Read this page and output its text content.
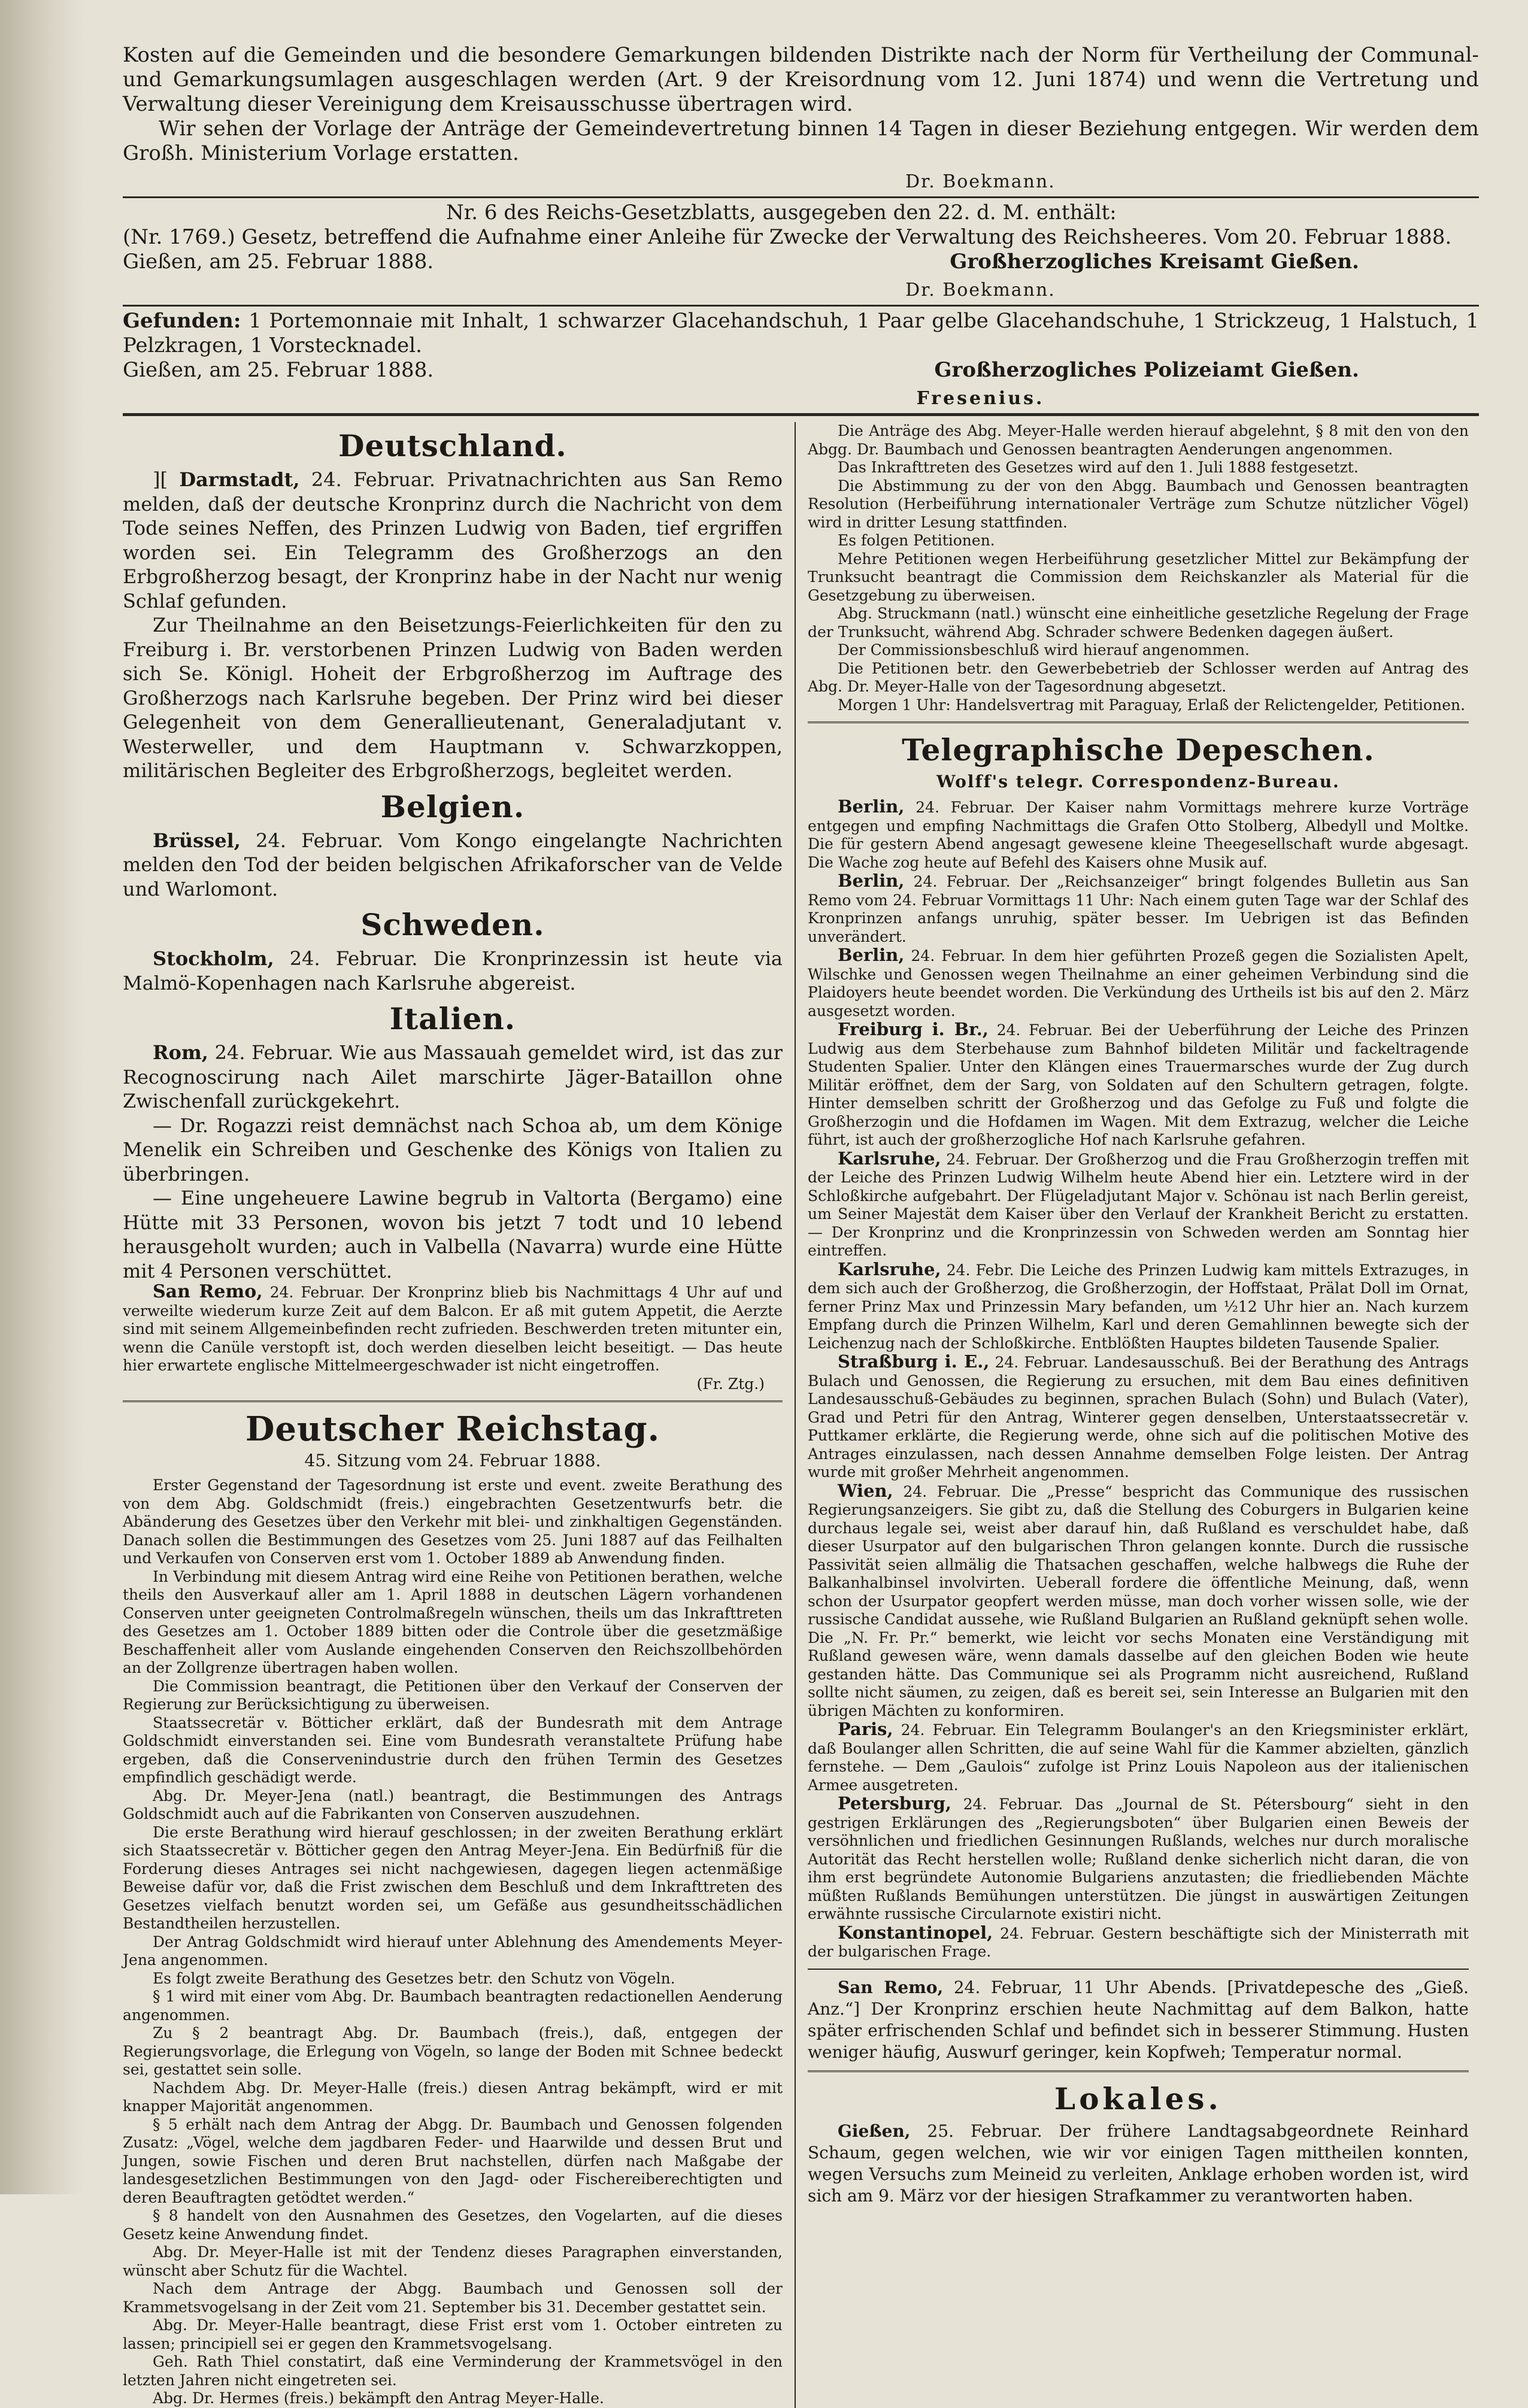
Kosten auf die Gemeinden und die besondere Gemarkungen bildenden Distrikte nach der Norm für Vertheilung der Communal- und Gemarkungsumlagen ausgeschlagen werden (Art. 9 der Kreisordnung vom 12. Juni 1874) und wenn die Vertretung und Verwaltung dieser Vereinigung dem Kreisausschusse übertragen wird.

Wir sehen der Vorlage der Anträge der Gemeindevertretung binnen 14 Tagen in dieser Beziehung entgegen. Wir werden dem Großh. Ministerium Vorlage erstatten.

Dr. Boekmann.

Nr. 6 des Reichs-Gesetzblatts, ausgegeben den 22. d. M. enthält:

(Nr. 1769.) Gesetz, betreffend die Aufnahme einer Anleihe für Zwecke der Verwaltung des Reichsheeres. Vom 20. Februar 1888.

Gießen, am 25. Februar 1888.	Großherzogliches Kreisamt Gießen.
Dr. Boekmann.

Gefunden: 1 Portemonnaie mit Inhalt, 1 schwarzer Glacehandschuh, 1 Paar gelbe Glacehandschuhe, 1 Strickzeug, 1 Halstuch, 1 Pelzkragen, 1 Vorstecknadel.

Gießen, am 25. Februar 1888.	Großherzogliches Polizeiamt Gießen.
Fresenius.
Deutschland.

][ Darmstadt, 24. Februar. Privatnachrichten aus San Remo melden, daß der deutsche Kronprinz durch die Nachricht von dem Tode seines Neffen, des Prinzen Ludwig von Baden, tief ergriffen worden sei. Ein Telegramm des Großherzogs an den Erbgroßherzog besagt, der Kronprinz habe in der Nacht nur wenig Schlaf gefunden.

Zur Theilnahme an den Beisetzungs-Feierlichkeiten für den zu Freiburg i. Br. verstorbenen Prinzen Ludwig von Baden werden sich Se. Königl. Hoheit der Erbgroßherzog im Auftrage des Großherzogs nach Karlsruhe begeben. Der Prinz wird bei dieser Gelegenheit von dem Generallieutenant, Generaladjutant v. Westerweller, und dem Hauptmann v. Schwarzkoppen, militärischen Begleiter des Erbgroßherzogs, begleitet werden.

Belgien.

Brüssel, 24. Februar. Vom Kongo eingelangte Nachrichten melden den Tod der beiden belgischen Afrikaforscher van de Velde und Warlomont.

Schweden.

Stockholm, 24. Februar. Die Kronprinzessin ist heute via Malmö-Kopenhagen nach Karlsruhe abgereist.

Italien.

Rom, 24. Februar. Wie aus Massauah gemeldet wird, ist das zur Recognoscirung nach Ailet marschirte Jäger-Bataillon ohne Zwischenfall zurückgekehrt.

— Dr. Rogazzi reist demnächst nach Schoa ab, um dem Könige Menelik ein Schreiben und Geschenke des Königs von Italien zu überbringen.

— Eine ungeheuere Lawine begrub in Valtorta (Bergamo) eine Hütte mit 33 Personen, wovon bis jetzt 7 todt und 10 lebend herausgeholt wurden; auch in Valbella (Navarra) wurde eine Hütte mit 4 Personen verschüttet.

San Remo, 24. Februar. Der Kronprinz blieb bis Nachmittags 4 Uhr auf und verweilte wiederum kurze Zeit auf dem Balcon. Er aß mit gutem Appetit, die Aerzte sind mit seinem Allgemeinbefinden recht zufrieden. Beschwerden treten mitunter ein, wenn die Canüle verstopft ist, doch werden dieselben leicht beseitigt. — Das heute hier erwartete englische Mittelmeergeschwader ist nicht eingetroffen.

(Fr. Ztg.)

Deutscher Reichstag.
45. Sitzung vom 24. Februar 1888.

Erster Gegenstand der Tagesordnung ist erste und event. zweite Berathung des von dem Abg. Goldschmidt (freis.) eingebrachten Gesetzentwurfs betr. die Abänderung des Gesetzes über den Verkehr mit blei- und zinkhaltigen Gegenständen. Danach sollen die Bestimmungen des Gesetzes vom 25. Juni 1887 auf das Feilhalten und Verkaufen von Conserven erst vom 1. October 1889 ab Anwendung finden.

In Verbindung mit diesem Antrag wird eine Reihe von Petitionen berathen, welche theils den Ausverkauf aller am 1. April 1888 in deutschen Lägern vorhandenen Conserven unter geeigneten Controlmaßregeln wünschen, theils um das Inkrafttreten des Gesetzes am 1. October 1889 bitten oder die Controle über die gesetzmäßige Beschaffenheit aller vom Auslande eingehenden Conserven den Reichszollbehörden an der Zollgrenze übertragen haben wollen.

Die Commission beantragt, die Petitionen über den Verkauf der Conserven der Regierung zur Berücksichtigung zu überweisen.

Staatssecretär v. Bötticher erklärt, daß der Bundesrath mit dem Antrage Goldschmidt einverstanden sei. Eine vom Bundesrath veranstaltete Prüfung habe ergeben, daß die Conservenindustrie durch den frühen Termin des Gesetzes empfindlich geschädigt werde.

Abg. Dr. Meyer-Jena (natl.) beantragt, die Bestimmungen des Antrags Goldschmidt auch auf die Fabrikanten von Conserven auszudehnen.

Die erste Berathung wird hierauf geschlossen; in der zweiten Berathung erklärt sich Staatssecretär v. Bötticher gegen den Antrag Meyer-Jena. Ein Bedürfniß für die Forderung dieses Antrages sei nicht nachgewiesen, dagegen liegen actenmäßige Beweise dafür vor, daß die Frist zwischen dem Beschluß und dem Inkrafttreten des Gesetzes vielfach benutzt worden sei, um Gefäße aus gesundheitsschädlichen Bestandtheilen herzustellen.

Der Antrag Goldschmidt wird hierauf unter Ablehnung des Amendements Meyer-Jena angenommen.

Es folgt zweite Berathung des Gesetzes betr. den Schutz von Vögeln.

§ 1 wird mit einer vom Abg. Dr. Baumbach beantragten redactionellen Aenderung angenommen.

Zu § 2 beantragt Abg. Dr. Baumbach (freis.), daß, entgegen der Regierungsvorlage, die Erlegung von Vögeln, so lange der Boden mit Schnee bedeckt sei, gestattet sein solle.

Nachdem Abg. Dr. Meyer-Halle (freis.) diesen Antrag bekämpft, wird er mit knapper Majorität angenommen.

§ 5 erhält nach dem Antrag der Abgg. Dr. Baumbach und Genossen folgenden Zusatz: „Vögel, welche dem jagdbaren Feder- und Haarwilde und dessen Brut und Jungen, sowie Fischen und deren Brut nachstellen, dürfen nach Maßgabe der landesgesetzlichen Bestimmungen von den Jagd- oder Fischereiberechtigten und deren Beauftragten getödtet werden.“

§ 8 handelt von den Ausnahmen des Gesetzes, den Vogelarten, auf die dieses Gesetz keine Anwendung findet.

Abg. Dr. Meyer-Halle ist mit der Tendenz dieses Paragraphen einverstanden, wünscht aber Schutz für die Wachtel.

Nach dem Antrage der Abgg. Baumbach und Genossen soll der Krammetsvogelsang in der Zeit vom 21. September bis 31. December gestattet sein.

Abg. Dr. Meyer-Halle beantragt, diese Frist erst vom 1. October eintreten zu lassen; principiell sei er gegen den Krammetsvogelsang.

Geh. Rath Thiel constatirt, daß eine Verminderung der Krammetsvögel in den letzten Jahren nicht eingetreten sei.

Abg. Dr. Hermes (freis.) bekämpft den Antrag Meyer-Halle.

Die Anträge des Abg. Meyer-Halle werden hierauf abgelehnt, § 8 mit den von den Abgg. Dr. Baumbach und Genossen beantragten Aenderungen angenommen.

Das Inkrafttreten des Gesetzes wird auf den 1. Juli 1888 festgesetzt.

Die Abstimmung zu der von den Abgg. Baumbach und Genossen beantragten Resolution (Herbeiführung internationaler Verträge zum Schutze nützlicher Vögel) wird in dritter Lesung stattfinden.

Es folgen Petitionen.

Mehre Petitionen wegen Herbeiführung gesetzlicher Mittel zur Bekämpfung der Trunksucht beantragt die Commission dem Reichskanzler als Material für die Gesetzgebung zu überweisen.

Abg. Struckmann (natl.) wünscht eine einheitliche gesetzliche Regelung der Frage der Trunksucht, während Abg. Schrader schwere Bedenken dagegen äußert.

Der Commissionsbeschluß wird hierauf angenommen.

Die Petitionen betr. den Gewerbebetrieb der Schlosser werden auf Antrag des Abg. Dr. Meyer-Halle von der Tagesordnung abgesetzt.

Morgen 1 Uhr: Handelsvertrag mit Paraguay, Erlaß der Relictengelder, Petitionen.

Telegraphische Depeschen.
Wolff's telegr. Correspondenz-Bureau.

Berlin, 24. Februar. Der Kaiser nahm Vormittags mehrere kurze Vorträge entgegen und empfing Nachmittags die Grafen Otto Stolberg, Albedyll und Moltke. Die für gestern Abend angesagt gewesene kleine Theegesellschaft wurde abgesagt. Die Wache zog heute auf Befehl des Kaisers ohne Musik auf.

Berlin, 24. Februar. Der „Reichsanzeiger“ bringt folgendes Bulletin aus San Remo vom 24. Februar Vormittags 11 Uhr: Nach einem guten Tage war der Schlaf des Kronprinzen anfangs unruhig, später besser. Im Uebrigen ist das Befinden unverändert.

Berlin, 24. Februar. In dem hier geführten Prozeß gegen die Sozialisten Apelt, Wilschke und Genossen wegen Theilnahme an einer geheimen Verbindung sind die Plaidoyers heute beendet worden. Die Verkündung des Urtheils ist bis auf den 2. März ausgesetzt worden.

Freiburg i. Br., 24. Februar. Bei der Ueberführung der Leiche des Prinzen Ludwig aus dem Sterbehause zum Bahnhof bildeten Militär und fackeltragende Studenten Spalier. Unter den Klängen eines Trauermarsches wurde der Zug durch Militär eröffnet, dem der Sarg, von Soldaten auf den Schultern getragen, folgte. Hinter demselben schritt der Großherzog und das Gefolge zu Fuß und folgte die Großherzogin und die Hofdamen im Wagen. Mit dem Extrazug, welcher die Leiche führt, ist auch der großherzogliche Hof nach Karlsruhe gefahren.

Karlsruhe, 24. Februar. Der Großherzog und die Frau Großherzogin treffen mit der Leiche des Prinzen Ludwig Wilhelm heute Abend hier ein. Letztere wird in der Schloßkirche aufgebahrt. Der Flügeladjutant Major v. Schönau ist nach Berlin gereist, um Seiner Majestät dem Kaiser über den Verlauf der Krankheit Bericht zu erstatten. — Der Kronprinz und die Kronprinzessin von Schweden werden am Sonntag hier eintreffen.

Karlsruhe, 24. Febr. Die Leiche des Prinzen Ludwig kam mittels Extrazuges, in dem sich auch der Großherzog, die Großherzogin, der Hoffstaat, Prälat Doll im Ornat, ferner Prinz Max und Prinzessin Mary befanden, um ½12 Uhr hier an. Nach kurzem Empfang durch die Prinzen Wilhelm, Karl und deren Gemahlinnen bewegte sich der Leichenzug nach der Schloßkirche. Entblößten Hauptes bildeten Tausende Spalier.

Straßburg i. E., 24. Februar. Landesausschuß. Bei der Berathung des Antrags Bulach und Genossen, die Regierung zu ersuchen, mit dem Bau eines definitiven Landesausschuß-Gebäudes zu beginnen, sprachen Bulach (Sohn) und Bulach (Vater), Grad und Petri für den Antrag, Winterer gegen denselben, Unterstaatssecretär v. Puttkamer erklärte, die Regierung werde, ohne sich auf die politischen Motive des Antrages einzulassen, nach dessen Annahme demselben Folge leisten. Der Antrag wurde mit großer Mehrheit angenommen.

Wien, 24. Februar. Die „Presse“ bespricht das Communique des russischen Regierungsanzeigers. Sie gibt zu, daß die Stellung des Coburgers in Bulgarien keine durchaus legale sei, weist aber darauf hin, daß Rußland es verschuldet habe, daß dieser Usurpator auf den bulgarischen Thron gelangen konnte. Durch die russische Passivität seien allmälig die Thatsachen geschaffen, welche halbwegs die Ruhe der Balkanhalbinsel involvirten. Ueberall fordere die öffentliche Meinung, daß, wenn schon der Usurpator geopfert werden müsse, man doch vorher wissen solle, wie der russische Candidat aussehe, wie Rußland Bulgarien an Rußland geknüpft sehen wolle. Die „N. Fr. Pr.“ bemerkt, wie leicht vor sechs Monaten eine Verständigung mit Rußland gewesen wäre, wenn damals dasselbe auf den gleichen Boden wie heute gestanden hätte. Das Communique sei als Programm nicht ausreichend, Rußland sollte nicht säumen, zu zeigen, daß es bereit sei, sein Interesse an Bulgarien mit den übrigen Mächten zu konformiren.

Paris, 24. Februar. Ein Telegramm Boulanger's an den Kriegsminister erklärt, daß Boulanger allen Schritten, die auf seine Wahl für die Kammer abzielten, gänzlich fernstehe. — Dem „Gaulois“ zufolge ist Prinz Louis Napoleon aus der italienischen Armee ausgetreten.

Petersburg, 24. Februar. Das „Journal de St. Pétersbourg“ sieht in den gestrigen Erklärungen des „Regierungsboten“ über Bulgarien einen Beweis der versöhnlichen und friedlichen Gesinnungen Rußlands, welches nur durch moralische Autorität das Recht herstellen wolle; Rußland denke sicherlich nicht daran, die von ihm erst begründete Autonomie Bulgariens anzutasten; die friedliebenden Mächte müßten Rußlands Bemühungen unterstützen. Die jüngst in auswärtigen Zeitungen erwähnte russische Circularnote existiri nicht.

Konstantinopel, 24. Februar. Gestern beschäftigte sich der Ministerrath mit der bulgarischen Frage.

San Remo, 24. Februar, 11 Uhr Abends. [Privatdepesche des „Gieß. Anz.“] Der Kronprinz erschien heute Nachmittag auf dem Balkon, hatte später erfrischenden Schlaf und befindet sich in besserer Stimmung. Husten weniger häufig, Auswurf geringer, kein Kopfweh; Temperatur normal.

Lokales.

Gießen, 25. Februar. Der frühere Landtagsabgeordnete Reinhard Schaum, gegen welchen, wie wir vor einigen Tagen mittheilen konnten, wegen Versuchs zum Meineid zu verleiten, Anklage erhoben worden ist, wird sich am 9. März vor der hiesigen Strafkammer zu verantworten haben.
